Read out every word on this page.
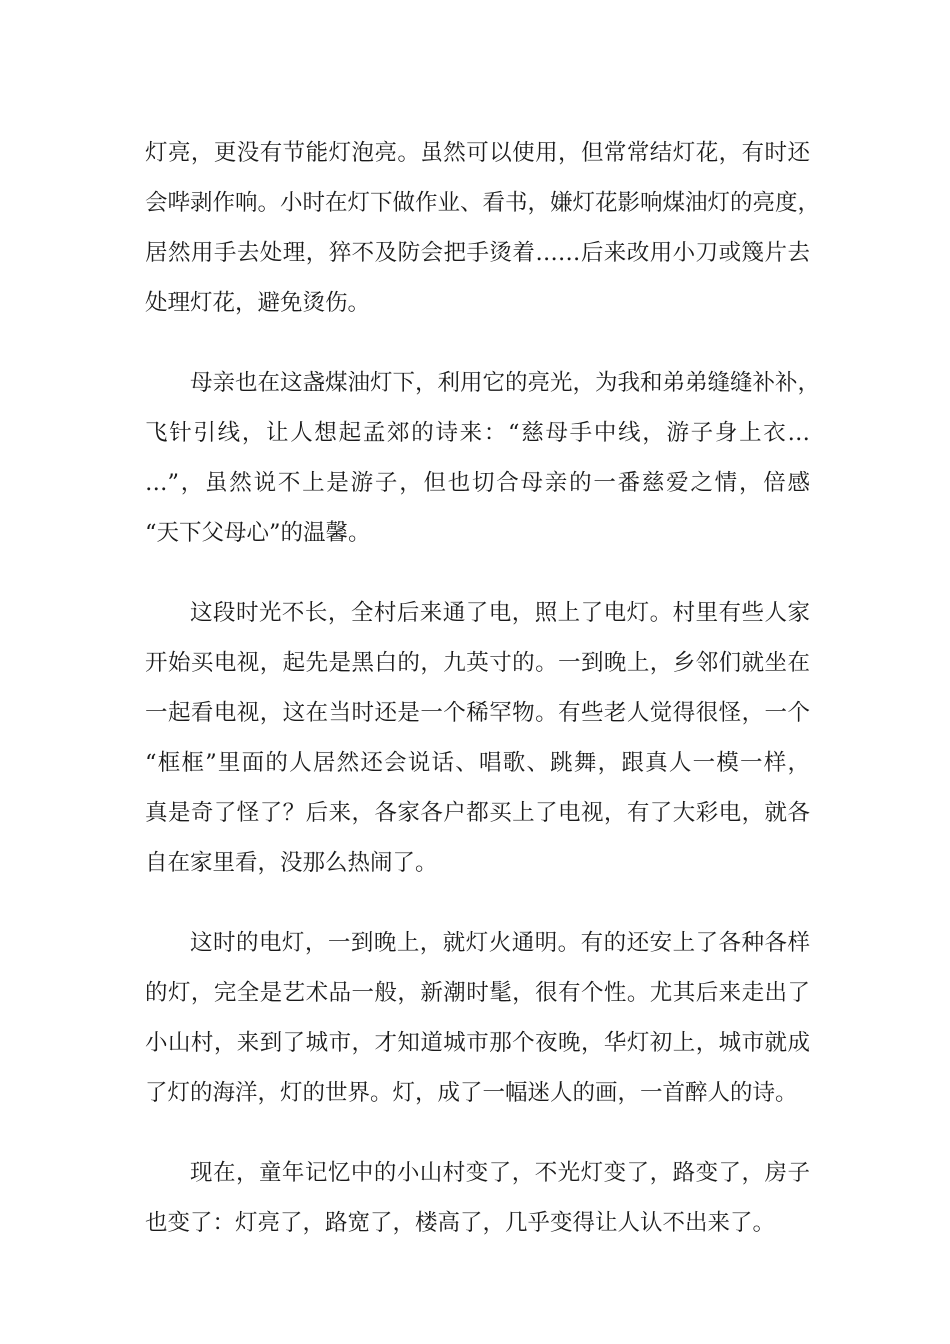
灯亮，更没有节能灯泡亮。虽然可以使用，但常常结灯花，有时还
会哔剥作响。小时在灯下做作业、看书，嫌灯花影响煤油灯的亮度，
居然用手去处理，猝不及防会把手烫着……后来改用小刀或篾片去
处理灯花，避免烫伤。
母亲也在这盏煤油灯下，利用它的亮光，为我和弟弟缝缝补补，
飞针引线，让人想起孟郊的诗来：“慈母手中线，游子身上衣…
…”，虽然说不上是游子，但也切合母亲的一番慈爱之情，倍感
“天下父母心”的温馨。
这段时光不长，全村后来通了电，照上了电灯。村里有些人家
开始买电视，起先是黑白的，九英寸的。一到晚上，乡邻们就坐在
一起看电视，这在当时还是一个稀罕物。有些老人觉得很怪，一个
“框框”里面的人居然还会说话、唱歌、跳舞，跟真人一模一样，
真是奇了怪了？后来，各家各户都买上了电视，有了大彩电，就各
自在家里看，没那么热闹了。
这时的电灯，一到晚上，就灯火通明。有的还安上了各种各样
的灯，完全是艺术品一般，新潮时髦，很有个性。尤其后来走出了
小山村，来到了城市，才知道城市那个夜晚，华灯初上，城市就成
了灯的海洋，灯的世界。灯，成了一幅迷人的画，一首醉人的诗。
现在，童年记忆中的小山村变了，不光灯变了，路变了，房子
也变了：灯亮了，路宽了，楼高了，几乎变得让人认不出来了。
